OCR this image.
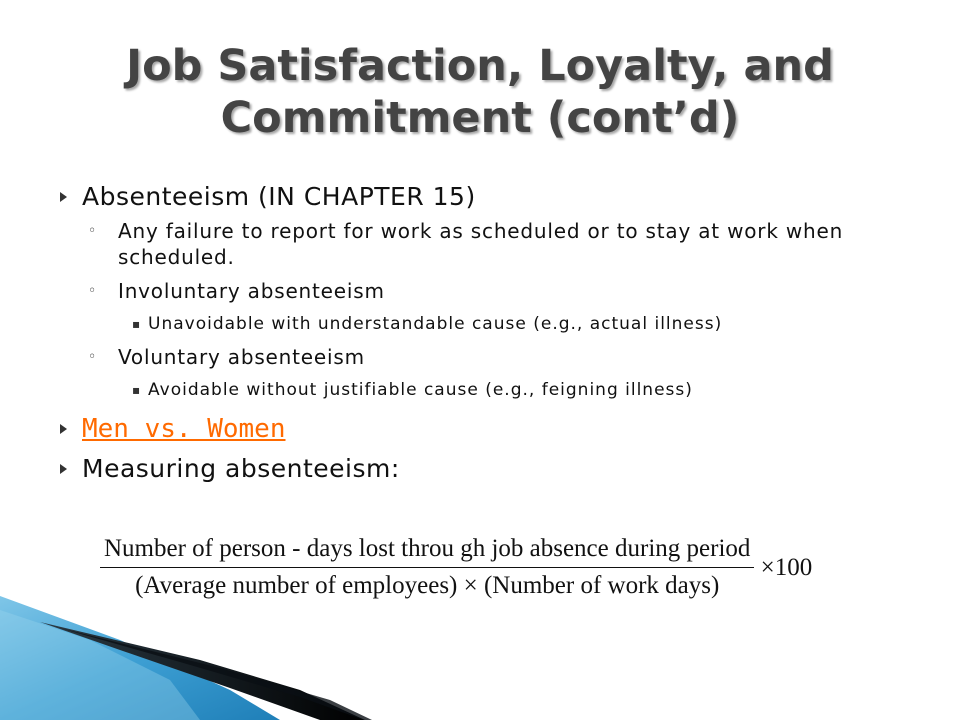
Job Satisfaction, Loyalty, and
Commitment (cont’d)
Absenteeism (IN CHAPTER 15)
◦ Any failure to report for work as scheduled or to stay at work when scheduled.
◦ Involuntary absenteeism
▪ Unavoidable with understandable cause (e.g., actual illness)
◦ Voluntary absenteeism
▪ Avoidable without justifiable cause (e.g., feigning illness)
Men vs. Women
Measuring absenteeism:
Number of person - days lost throu gh job absence during period
(Average number of employees) × (Number of work days)
×100
